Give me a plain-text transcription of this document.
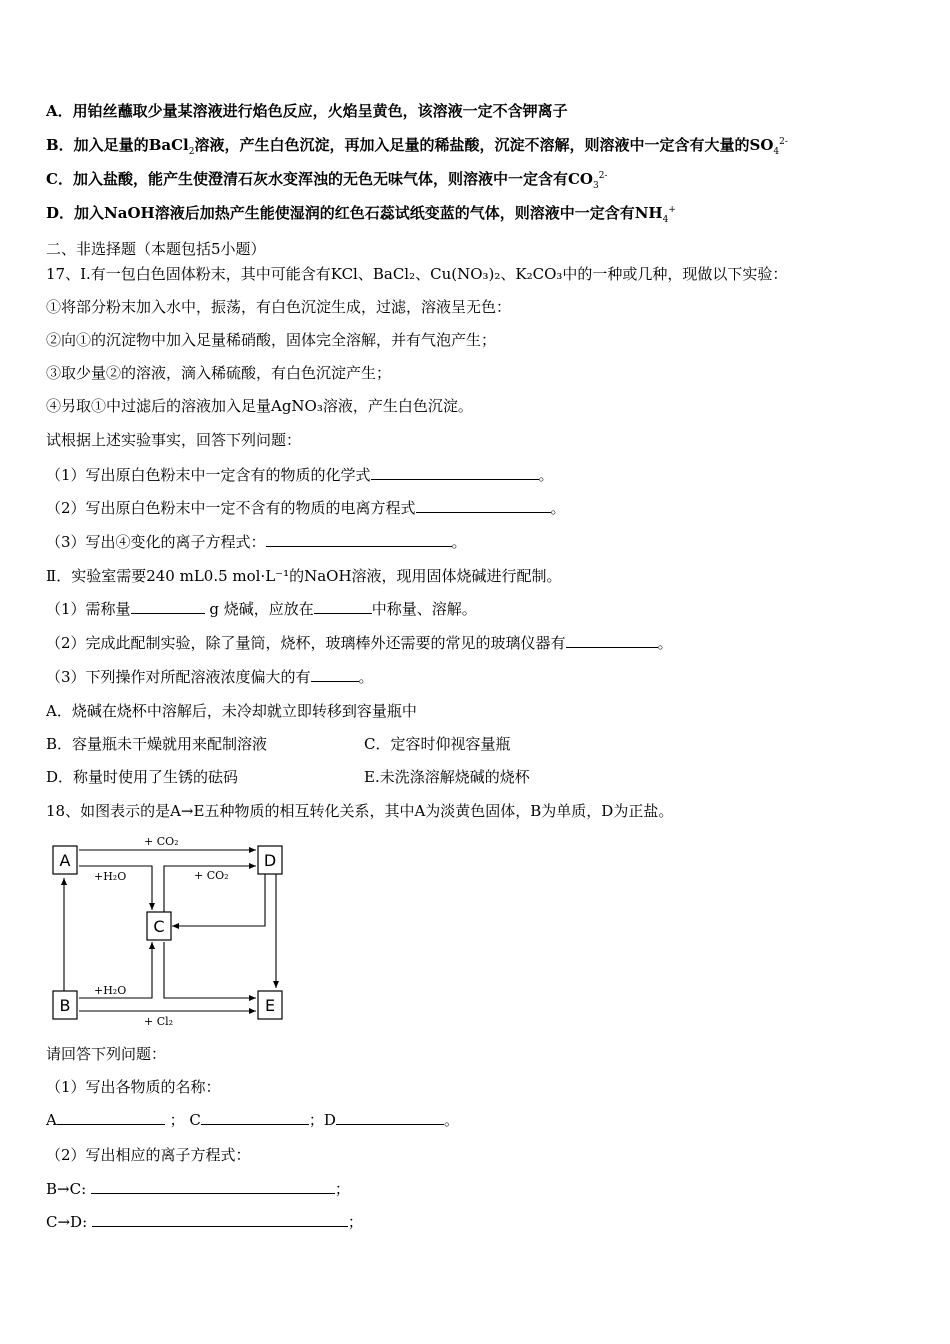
A．用铂丝蘸取少量某溶液进行焰色反应，火焰呈黄色，该溶液一定不含钾离子
B．加入足量的BaCl$_2$溶液，产生白色沉淀，再加入足量的稀盐酸，沉淀不溶解，则溶液中一定含有大量的$SO_4^{2-}$
C．加入盐酸，能产生使澄清石灰水变浑浊的无色无味气体，则溶液中一定含有$CO_3^{2-}$
D．加入NaOH溶液后加热产生能使湿润的红色石蕊试纸变蓝的气体，则溶液中一定含有$NH_4^+$
二、非选择题（本题包括5小题）
17、Ⅰ.有一包白色固体粉末，其中可能含有KCl、BaCl₂、Cu(NO₃)₂、K₂CO₃中的一种或几种，现做以下实验：
①将部分粉末加入水中，振荡，有白色沉淀生成，过滤，溶液呈无色：
②向①的沉淀物中加入足量稀硝酸，固体完全溶解，并有气泡产生；
③取少量②的溶液，滴入稀硫酸，有白色沉淀产生；
④另取①中过滤后的溶液加入足量AgNO₃溶液，产生白色沉淀。
试根据上述实验事实，回答下列问题：
（1）写出原白色粉末中一定含有的物质的化学式	。
（2）写出原白色粉末中一定不含有的物质的电离方程式	。
（3）写出④变化的离子方程式：	。
Ⅱ．实验室需要240 mL0.5 mol·L⁻¹的NaOH溶液，现用固体烧碱进行配制。
（1）需称量	g 烧碱，应放在	中称量、溶解。
（2）完成此配制实验，除了量筒，烧杯，玻璃棒外还需要的常见的玻璃仪器有	。
（3）下列操作对所配溶液浓度偏大的有	。
A．烧碱在烧杯中溶解后，未冷却就立即转移到容量瓶中
B．容量瓶未干燥就用来配制溶液	C．定容时仰视容量瓶
D．称量时使用了生锈的砝码	E.未洗涤溶解烧碱的烧杯
18、如图表示的是A→E五种物质的相互转化关系，其中A为淡黄色固体，B为单质，D为正盐。
A	D
C
B	E
+ CO₂
+H₂O	+ CO₂
+H₂O
+ Cl₂
请回答下列问题：
（1）写出各物质的名称：
A	； C	；D	。
（2）写出相应的离子方程式：
B→C:	；
C→D:	；
